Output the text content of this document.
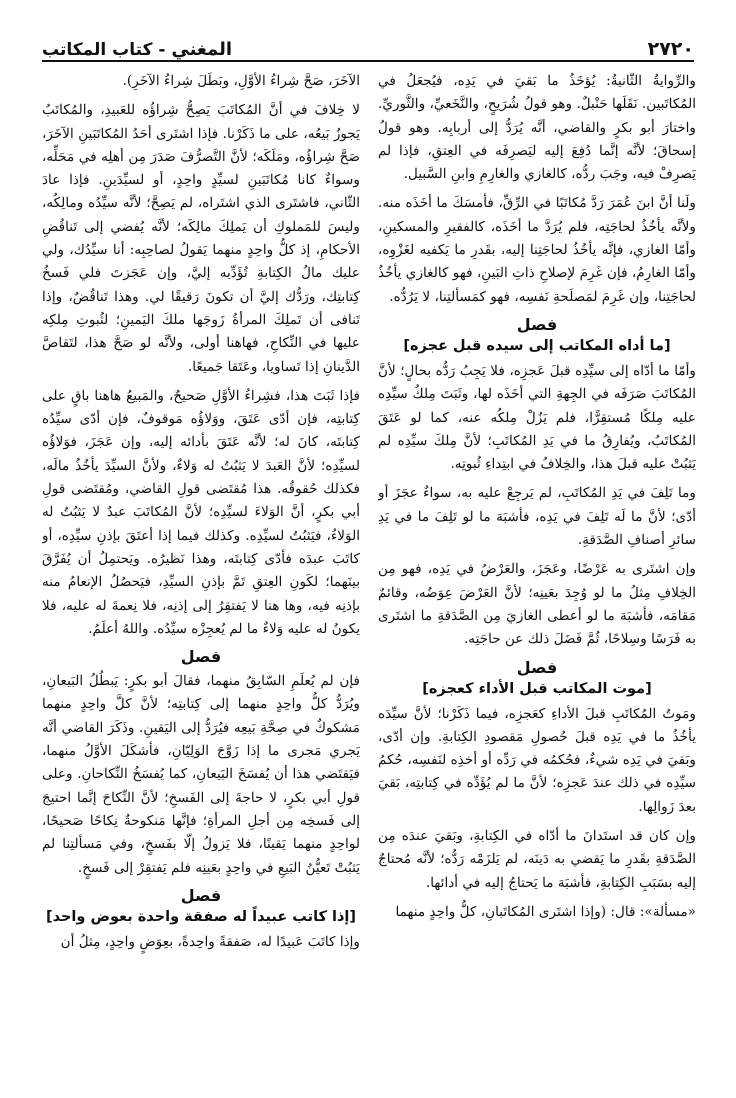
٢٧٢٠
المغني - كتاب المكاتب

والرِّوايةُ الثّانيةُ: يُؤخَذُ ما بَقيَ في يَدِه، فيُجعَلُ في المُكاتَبين. نَقَلَها حَنْبلٌ. وهو قولُ شُرَيحٍ، والنَّخَعيِّ، والثَّوريِّ. واختارَ أبو بكرٍ والقاضي، أنَّه يُرَدُّ إلى أربابِه. وهو قولُ إسحاقَ؛ لأنَّه إنَّما دُفِعَ إليه ليَصرِفَه في العِتقِ، فإذا لم يَصرِفْ فيه، وجَبَ ردُّه، كالغازي والغارِمِ وابنِ السَّبيل.

ولَنا أنَّ ابنَ عُمَرَ رَدَّ مُكاتَبًا في الرِّقِّ، فأمسَكَ ما أخَذَه منه. ولأنَّه يأخُذُ لحاجَتِه، فلم يُرَدَّ ما أخَذَه، كالفقيرِ والمسكينِ، وأمّا الغازي، فإنَّه يأخُذُ لحاجَتِنا إليه، بقَدرِ ما يَكفيه لغَزْوِه، وأمّا الغارِمُ، فإن غَرِمَ لإصلاحِ ذاتِ البَينِ، فهو كالغازي يأخُذُ لحاجَتِنا، وإن غَرِمَ لمَصلَحةِ نَفسِه، فهو كمَسألتِنا، لا يَرُدُّه.

فصل
[ما أداه المكاتب إلى سيده قبل عجزه]

وأمّا ما أدّاه إلى سيِّدِه قبلَ عَجزِه، فلا يَجِبُ رَدُّه بحالٍ؛ لأنَّ المُكاتَبَ صَرَفَه في الجِهةِ التي أخَذَه لها، وثَبَتَ مِلكُ سيِّدِه عليه مِلكًا مُستقِرًّا، فلم يَزُلْ مِلكُه عنه، كما لو عَتَقَ المُكاتَبُ، ويُفارِقُ ما في يَدِ المُكاتَبِ؛ لأنَّ مِلكَ سيِّدِه لم يَثبُتْ عليه قبلَ هذا، والخِلافُ في ابتِداءِ ثُبوتِه.

وما تَلِفَ في يَدِ المُكاتَبِ، لم يَرجِعْ عليه به، سواءٌ عجَزَ أو أدّى؛ لأنَّ ما لَه تَلِفَ في يَدِه، فأشبَهَ ما لو تَلِفَ ما في يَدِ سائرِ أصنافِ الصَّدَقةِ.

وإن اشتَرى به عَرْضًا، وعَجَزَ، والعَرْضُ في يَدِه، فهو مِن الخِلافِ مِثلُ ما لو وُجِدَ بعَينِه؛ لأنَّ العَرْضَ عِوَضُه، وقائمٌ مَقامَه، فأشبَهَ ما لو أعطى الغازيَ مِن الصَّدَقةِ ما اشتَرى به فَرَسًا وسِلاحًا، ثُمَّ فَضَلَ ذلك عن حاجَتِه.

فصل
[موت المكاتب قبل الأداء كعجزه]

ومَوتُ المُكاتَبِ قبلَ الأداءِ كعَجزِه، فيما ذَكَرْنا؛ لأنَّ سيِّدَه يأخُذُ ما في يَدِه قبلَ حُصولِ مَقصودِ الكِتابةِ. وإن أدّى، وبَقيَ في يَدِه شيءٌ، فحُكمُه في رَدِّه أو أخذِه لنَفسِه، حُكمُ سيِّدِه في ذلك عندَ عَجزِه؛ لأنَّ ما لم يُؤَدِّه في كِتابتِه، بَقيَ بعدَ زَوالِها.

وإن كان قد استَدانَ ما أدّاه في الكِتابةِ، وبَقيَ عندَه مِن الصَّدَقةِ بقَدرِ ما يَقضي به دَينَه، لم يَلزَمْه رَدُّه؛ لأنَّه مُحتاجٌ إليه بسَبَبِ الكِتابةِ، فأشبَهَ ما يَحتاجُ إليه في أدائها.

«مسألة»: قال: (وإذا اشتَرى المُكاتَبانِ، كلُّ واحِدٍ منهما

الآخَرَ، صَحَّ شِراءُ الأوَّلِ، وبَطَلَ شِراءُ الآخَرِ).

لا خِلافَ في أنَّ المُكاتَبَ يَصِحُّ شِراؤُه للعَبيدِ، والمُكاتَبُ يَجوزُ بَيعُه، على ما ذَكَرْنا. فإذا اشتَرى أحَدُ المُكاتَبَينِ الآخَرَ، صَحَّ شِراؤُه، ومَلَكَه؛ لأنَّ التَّصرُّفَ صَدَرَ مِن أهلِه في مَحَلِّه، وسواءٌ كانا مُكاتَبَينِ لسيِّدٍ واحِدٍ، أو لسيِّدَينِ. فإذا عادَ الثّاني، فاشتَرى الذي اشتَراه، لم يَصِحَّ؛ لأنَّه سيِّدُه ومالِكُه، وليسَ للمَملوكِ أن يَملِكَ مالِكَه؛ لأنَّه يُفضي إلى تَناقُضِ الأحكامِ، إذ كلُّ واحِدٍ منهما يَقولُ لصاحِبِه: أنا سيِّدُك، ولي عليك مالُ الكِتابةِ تُؤَدِّيه إليَّ، وإن عَجَزتَ فلي فَسخُ كِتابتِك، ورَدُّك إليَّ أن تكونَ رَقيقًا لي. وهذا تَناقُضٌ، وإذا تَنافى أن تَملِكَ المرأةُ زَوجَها ملكَ اليَمينِ؛ لثُبوتِ مِلكِه عليها في النِّكاحِ، فهاهنا أولى، ولأنَّه لو صَحَّ هذا، لتَقاصَّ الدَّينانِ إذا تَساويا، وعَتَقا جَميعًا.

فإذا ثَبَتَ هذا، فشِراءُ الأوَّلِ صَحيحٌ، والمَبيعُ هاهنا باقٍ على كِتابتِه، فإن أدّى عَتَقَ، ووَلاؤُه مَوقوفٌ، فإن أدّى سيِّدُه كِتابتَه، كانَ له؛ لأنَّه عَتَقَ بأدائه إليه، وإن عَجَزَ، فوَلاؤُه لسيِّدِه؛ لأنَّ العَبدَ لا يَثبُتُ له وَلاءٌ، ولأنَّ السيِّدَ يأخُذُ مالَه، فكذلك حُقوقُه. هذا مُقتَضى قولِ القاضي، ومُقتَضى قولِ أبي بكرٍ، أنَّ الوَلاءَ لسيِّدِه؛ لأنَّ المُكاتَبَ عبدٌ لا يَثبُتُ له الوَلاءُ، فيَثبُتُ لسيِّدِه. وكذلك فيما إذا أعتَقَ بإذنِ سيِّدِه، أو كاتَبَ عبدَه فأدّى كِتابتَه، وهذا نَظيرُه. ويَحتمِلُ أن يُفَرَّقَ بينَهما؛ لكَونِ العِتقِ تَمَّ بإذنِ السيِّدِ، فيَحصُلُ الإنعامُ منه بإذنِه فيه، وها هنا لا يَفتقِرُ إلى إذنِه، فلا نِعمةَ له عليه، فلا يكونُ له عليه وَلاءٌ ما لم يُعجِزْه سيِّدُه. واللهُ أعلَمُ.

فصل

فإن لم يُعلَمِ السّابِقُ منهما، فقالَ أبو بكرٍ: يَبطُلُ البَيعانِ، ويُرَدُّ كلُّ واحِدٍ منهما إلى كِتابتِه؛ لأنَّ كلَّ واحِدٍ منهما مَشكوكٌ في صِحَّةِ بَيعِه فيُرَدُّ إلى اليَقينِ. وذَكَرَ القاضي أنَّه يَجري مَجرى ما إذا زَوَّجَ الوَلِيّانِ، فأشكَلَ الأوَّلُ منهما، فيَقتَضي هذا أن يُفسَخَ البَيعانِ، كما يُفسَخُ النِّكاحانِ. وعلى قولِ أبي بكرٍ، لا حاجةَ إلى الفَسخِ؛ لأنَّ النِّكاحَ إنَّما احتيجَ إلى فَسخِه مِن أجلِ المرأةِ؛ فإنَّها مَنكوحةٌ نِكاحًا صَحيحًا، لواحِدٍ منهما يَقينًا، فلا يَزولُ إلّا بفَسخٍ، وفي مَسألتِنا لم يَثبُتْ تَعيُّنُ البَيعِ في واحِدٍ بعَينِه فلم يَفتقِرْ إلى فَسخٍ.

فصل
[إذا كاتب عبيداً له صفقة واحدة بعوض واحد]

وإذا كاتَبَ عَبيدًا له، صَفقةً واحِدةً، بعِوَضٍ واحِدٍ، مِثلُ أن
